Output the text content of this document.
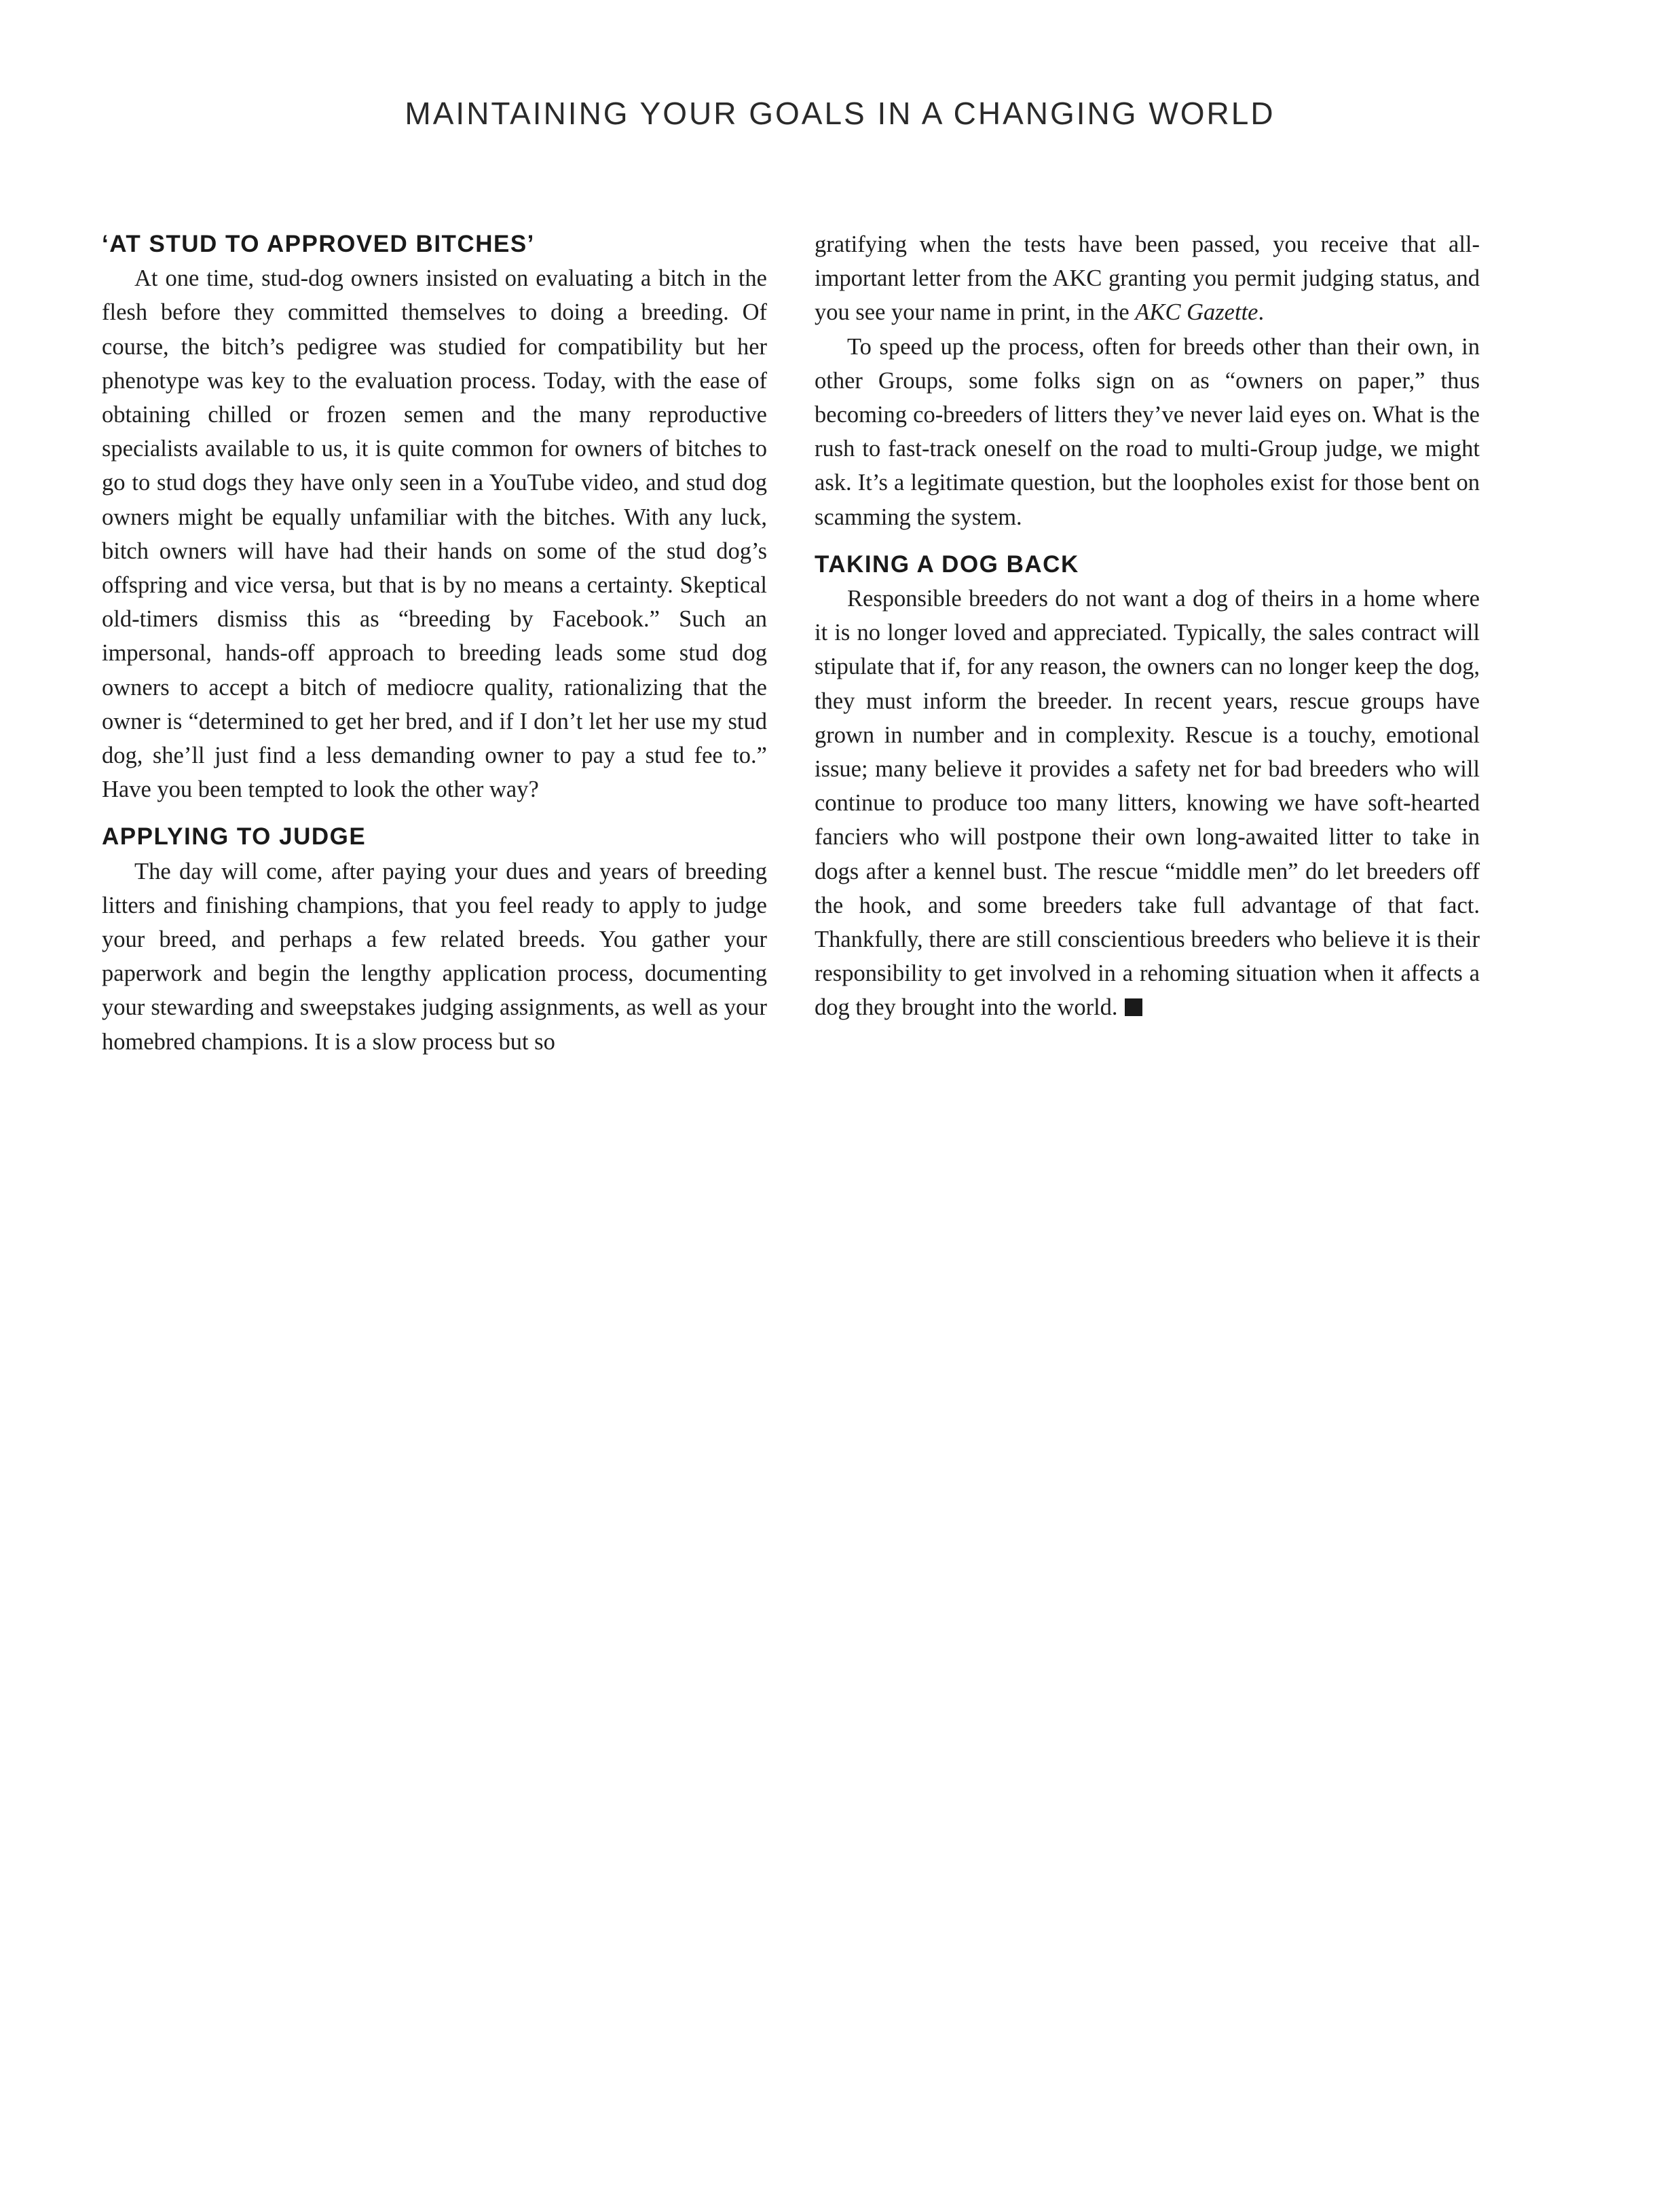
MAINTAINING YOUR GOALS IN A CHANGING WORLD
‘AT STUD TO APPROVED BITCHES’

At one time, stud-dog owners insisted on evaluating a bitch in the flesh before they committed themselves to doing a breeding. Of course, the bitch’s pedigree was studied for compatibility but her phenotype was key to the evaluation process. Today, with the ease of obtaining chilled or frozen semen and the many reproductive specialists available to us, it is quite common for owners of bitches to go to stud dogs they have only seen in a YouTube video, and stud dog owners might be equally unfamiliar with the bitches. With any luck, bitch owners will have had their hands on some of the stud dog’s offspring and vice versa, but that is by no means a certainty. Skeptical old-timers dismiss this as “breeding by Facebook.” Such an impersonal, hands-off approach to breeding leads some stud dog owners to accept a bitch of mediocre quality, rationalizing that the owner is “determined to get her bred, and if I don’t let her use my stud dog, she’ll just find a less demanding owner to pay a stud fee to.” Have you been tempted to look the other way?

APPLYING TO JUDGE

The day will come, after paying your dues and years of breeding litters and finishing champions, that you feel ready to apply to judge your breed, and perhaps a few related breeds. You gather your paperwork and begin the lengthy application process, documenting your stewarding and sweepstakes judging assignments, as well as your homebred champions. It is a slow process but so

gratifying when the tests have been passed, you receive that all-important letter from the AKC granting you permit judging status, and you see your name in print, in the AKC Gazette.

To speed up the process, often for breeds other than their own, in other Groups, some folks sign on as “owners on paper,” thus becoming co-breeders of litters they’ve never laid eyes on. What is the rush to fast-track oneself on the road to multi-Group judge, we might ask. It’s a legitimate question, but the loopholes exist for those bent on scamming the system.

TAKING A DOG BACK

Responsible breeders do not want a dog of theirs in a home where it is no longer loved and appreciated. Typically, the sales contract will stipulate that if, for any reason, the owners can no longer keep the dog, they must inform the breeder. In recent years, rescue groups have grown in number and in complexity. Rescue is a touchy, emotional issue; many believe it provides a safety net for bad breeders who will continue to produce too many litters, knowing we have soft-hearted fanciers who will postpone their own long-awaited litter to take in dogs after a kennel bust. The rescue “middle men” do let breeders off the hook, and some breeders take full advantage of that fact. Thankfully, there are still conscientious breeders who believe it is their responsibility to get involved in a rehoming situation when it affects a dog they brought into the world.
